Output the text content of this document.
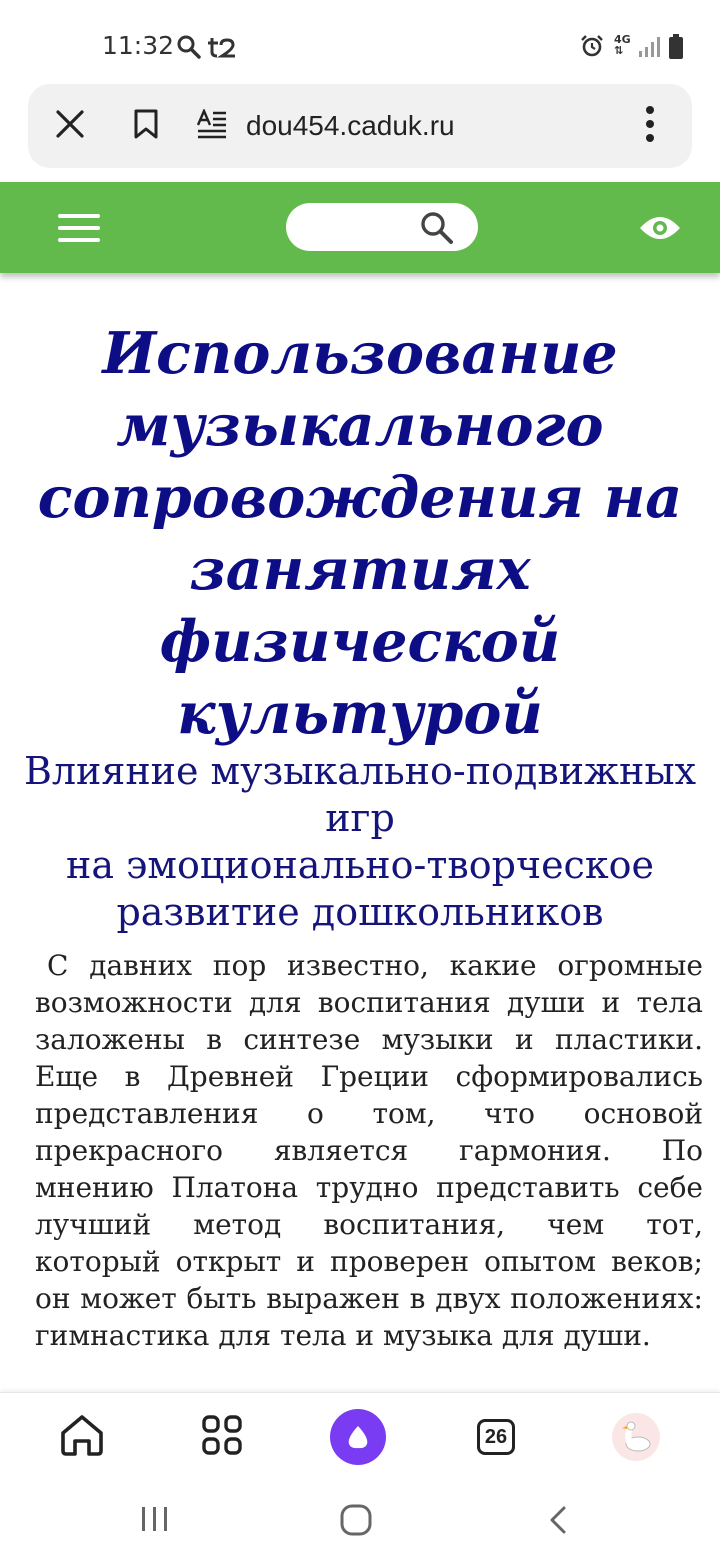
11:32	4G
⇅
dou454.caduk.ru
Использование музыкального сопровождения на занятиях физической культурой
Влияние музыкально-подвижных игр
на эмоционально-творческое развитие дошкольников

С давних пор известно, какие огромные возможности для воспитания души и тела заложены в синтезе музыки и пластики. Еще в Древней Греции сформировались представления о том, что основой прекрасного является гармония. По мнению Платона трудно представить себе лучший метод воспитания, чем тот, который открыт и проверен опытом веков; он может быть выражен в двух положениях: гимнастика для тела и музыка для души.

26
